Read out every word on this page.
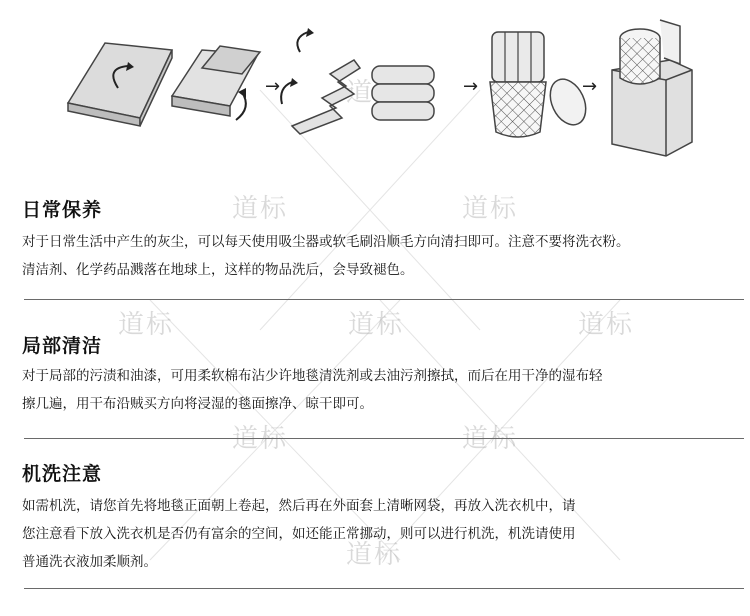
道标	道标
道标	道标	道标
道标	道标
道标
→	→	→
日常保养
对于日常生活中产生的灰尘，可以每天使用吸尘器或软毛刷沿顺毛方向清扫即可。注意不要将洗衣粉。
清洁剂、化学药品溅落在地球上，这样的物品洗后，会导致褪色。
局部清洁
对于局部的污渍和油漆，可用柔软棉布沾少许地毯清洗剂或去油污剂擦拭，而后在用干净的湿布轻
擦几遍，用干布沿贼买方向将浸湿的毯面擦净、晾干即可。
机洗注意
如需机洗，请您首先将地毯正面朝上卷起，然后再在外面套上清晰网袋，再放入洗衣机中，请
您注意看下放入洗衣机是否仍有富余的空间，如还能正常挪动，则可以进行机洗，机洗请使用
普通洗衣液加柔顺剂。
